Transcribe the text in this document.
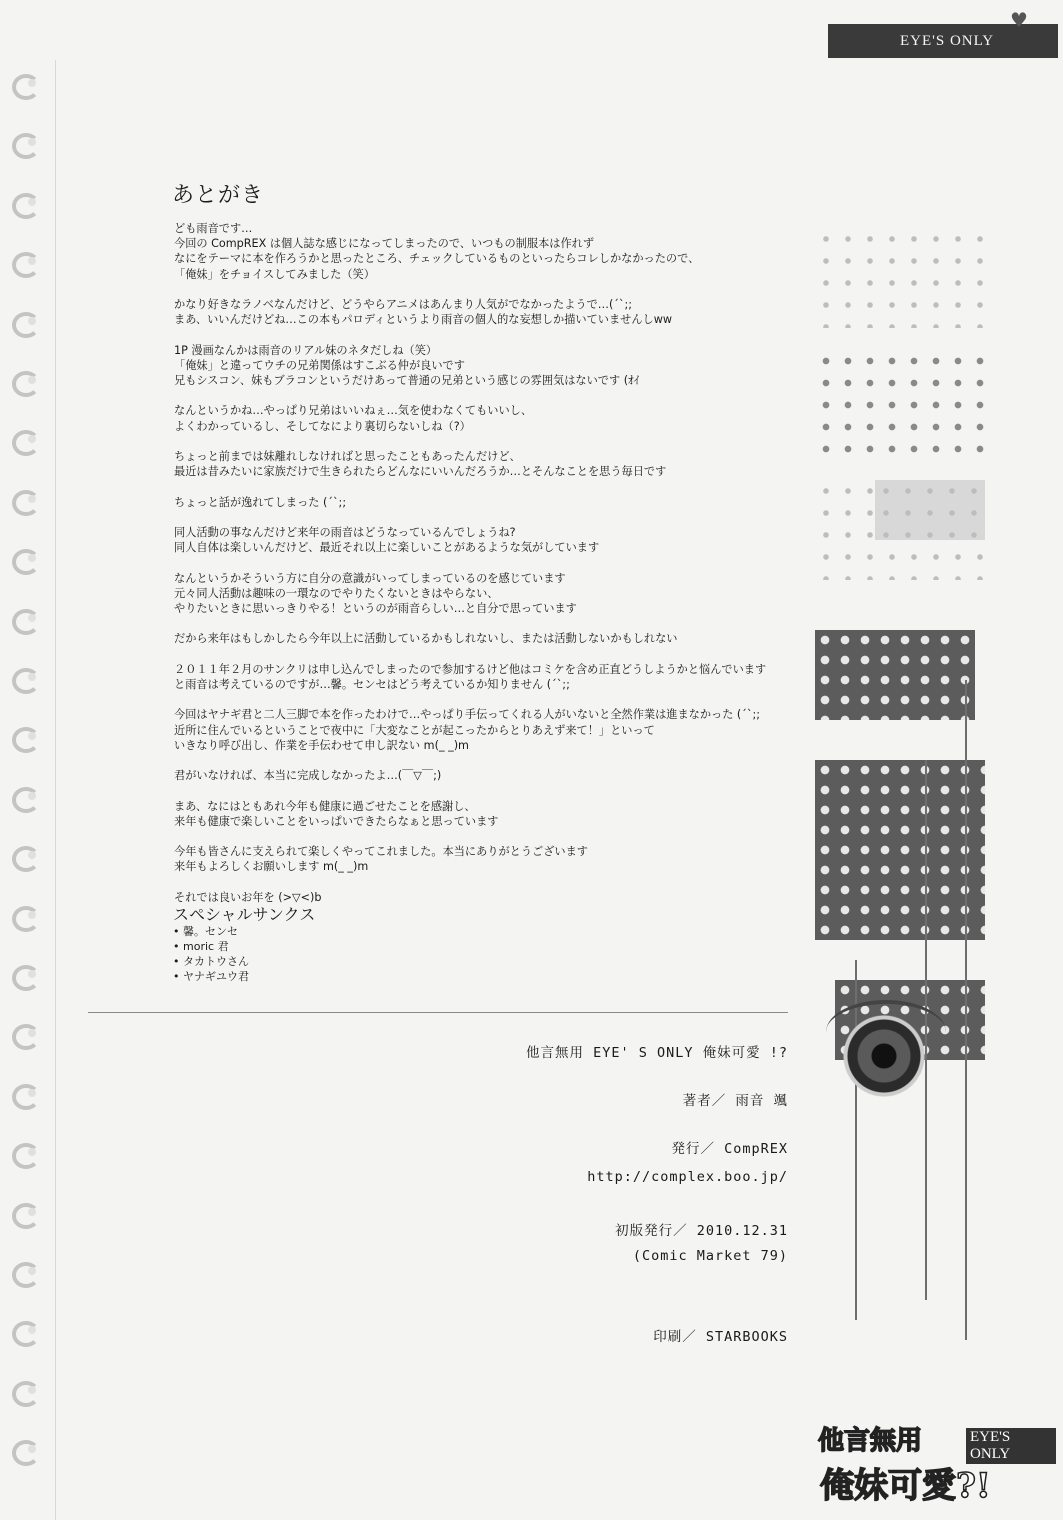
EYE'S ONLY
♥
あとがき

ども雨音です…
今回の CompREX は個人誌な感じになってしまったので、いつもの制服本は作れず
なにをテーマに本を作ろうかと思ったところ、チェックしているものといったらコレしかなかったので、
「俺妹」をチョイスしてみました（笑）

かなり好きなラノベなんだけど、どうやらアニメはあんまり人気がでなかったようで…(´`;;
まあ、いいんだけどね…この本もパロディというより雨音の個人的な妄想しか描いていませんしww

1P 漫画なんかは雨音のリアル妹のネタだしね（笑）
「俺妹」と違ってウチの兄弟関係はすこぶる仲が良いです
兄もシスコン、妹もブラコンというだけあって普通の兄弟という感じの雰囲気はないです (ｵｲ

なんというかね…やっぱり兄弟はいいねぇ…気を使わなくてもいいし、
よくわかっているし、そしてなにより裏切らないしね（?）

ちょっと前までは妹離れしなければと思ったこともあったんだけど、
最近は昔みたいに家族だけで生きられたらどんなにいいんだろうか…とそんなことを思う毎日です

ちょっと話が逸れてしまった (´`;;

同人活動の事なんだけど来年の雨音はどうなっているんでしょうね?
同人自体は楽しいんだけど、最近それ以上に楽しいことがあるような気がしています

なんというかそういう方に自分の意識がいってしまっているのを感じています
元々同人活動は趣味の一環なのでやりたくないときはやらない、
やりたいときに思いっきりやる！というのが雨音らしい…と自分で思っています

だから来年はもしかしたら今年以上に活動しているかもしれないし、または活動しないかもしれない

２０１１年２月のサンクリは申し込んでしまったので参加するけど他はコミケを含め正直どうしようかと悩んでいます
と雨音は考えているのですが…馨。センセはどう考えているか知りません (´`;;

今回はヤナギ君と二人三脚で本を作ったわけで…やっぱり手伝ってくれる人がいないと全然作業は進まなかった (´`;;
近所に住んでいるということで夜中に「大変なことが起こったからとりあえず来て！」といって
いきなり呼び出し、作業を手伝わせて申し訳ない m(_ _)m

君がいなければ、本当に完成しなかったよ…(￣▽￣;)

まあ、なにはともあれ今年も健康に過ごせたことを感謝し、
来年も健康で楽しいことをいっぱいできたらなぁと思っています

今年も皆さんに支えられて楽しくやってこれました。本当にありがとうございます
来年もよろしくお願いします m(_ _)m

それでは良いお年を (>▽<)b

スペシャルサンクス
• 馨。センセ
• moric 君
• タカトウさん
• ヤナギユウ君
他言無用 EYE' S ONLY 俺妹可愛 !?
著者／ 雨音 颯
発行／ CompREX
http://complex.boo.jp/
初版発行／ 2010.12.31
(Comic Market 79)
印刷／ STARBOOKS
他言無用	EYE'S ONLY
俺妹可愛?!
